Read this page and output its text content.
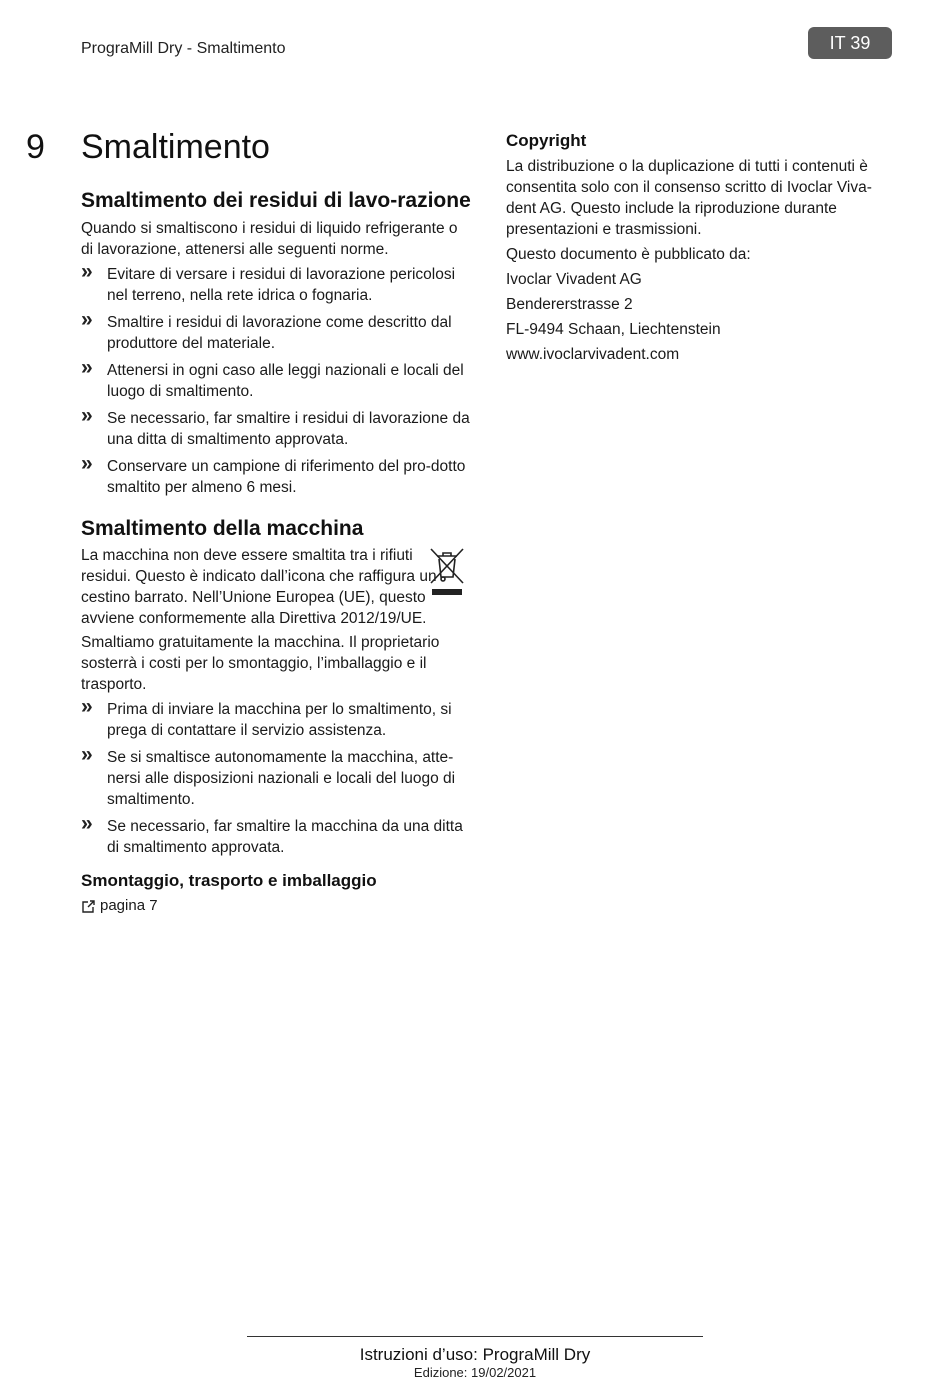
PrograMill Dry - Smaltimento	IT 39
9 Smaltimento
Smaltimento dei residui di lavo-razione

Quando si smaltiscono i residui di liquido refrigerante o di lavorazione, attenersi alle seguenti norme.

» Evitare di versare i residui di lavorazione pericolosi nel terreno, nella rete idrica o fognaria.
» Smaltire i residui di lavorazione come descritto dal produttore del materiale.
» Attenersi in ogni caso alle leggi nazionali e locali del luogo di smaltimento.
» Se necessario, far smaltire i residui di lavorazione da una ditta di smaltimento approvata.
» Conservare un campione di riferimento del pro-dotto smaltito per almeno 6 mesi.
Smaltimento della macchina

La macchina non deve essere smaltita tra i rifiuti residui. Questo è indicato dall’icona che raffigura un cestino barrato. Nell’Unione Europea (UE), questo avviene conformemente alla Direttiva 2012/19/UE.

Smaltiamo gratuitamente la macchina. Il proprietario sosterrà i costi per lo smontaggio, l’imballaggio e il trasporto.

» Prima di inviare la macchina per lo smaltimento, si prega di contattare il servizio assistenza.
» Se si smaltisce autonomamente la macchina, atte-nersi alle disposizioni nazionali e locali del luogo di smaltimento.
» Se necessario, far smaltire la macchina da una ditta di smaltimento approvata.
Smontaggio, trasporto e imballaggio
pagina 7
Copyright

La distribuzione o la duplicazione di tutti i contenuti è consentita solo con il consenso scritto di Ivoclar Viva-dent AG. Questo include la riproduzione durante presentazioni e trasmissioni.

Questo documento è pubblicato da:

Ivoclar Vivadent AG

Bendererstrasse 2

FL-9494 Schaan, Liechtenstein

www.ivoclarvivadent.com

Istruzioni d’uso: PrograMill Dry
Edizione: 19/02/2021
